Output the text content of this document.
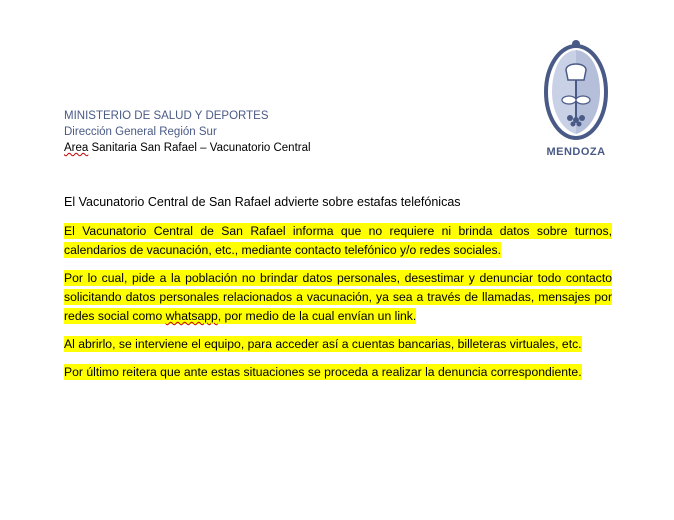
MINISTERIO DE SALUD Y DEPORTES
Dirección General Región Sur
Area Sanitaria San Rafael – Vacunatorio Central	MENDOZA
El Vacunatorio Central de San Rafael advierte sobre estafas telefónicas

El Vacunatorio Central de San Rafael informa que no requiere ni brinda datos sobre turnos, calendarios de vacunación, etc., mediante contacto telefónico y/o redes sociales.

Por lo cual, pide a la población no brindar datos personales, desestimar y denunciar todo contacto solicitando datos personales relacionados a vacunación, ya sea a través de llamadas, mensajes por redes social como whatsapp, por medio de la cual envían un link.

Al abrirlo, se interviene el equipo, para acceder así a cuentas bancarias, billeteras virtuales, etc.

Por último reitera que ante estas situaciones se proceda a realizar la denuncia correspondiente.
